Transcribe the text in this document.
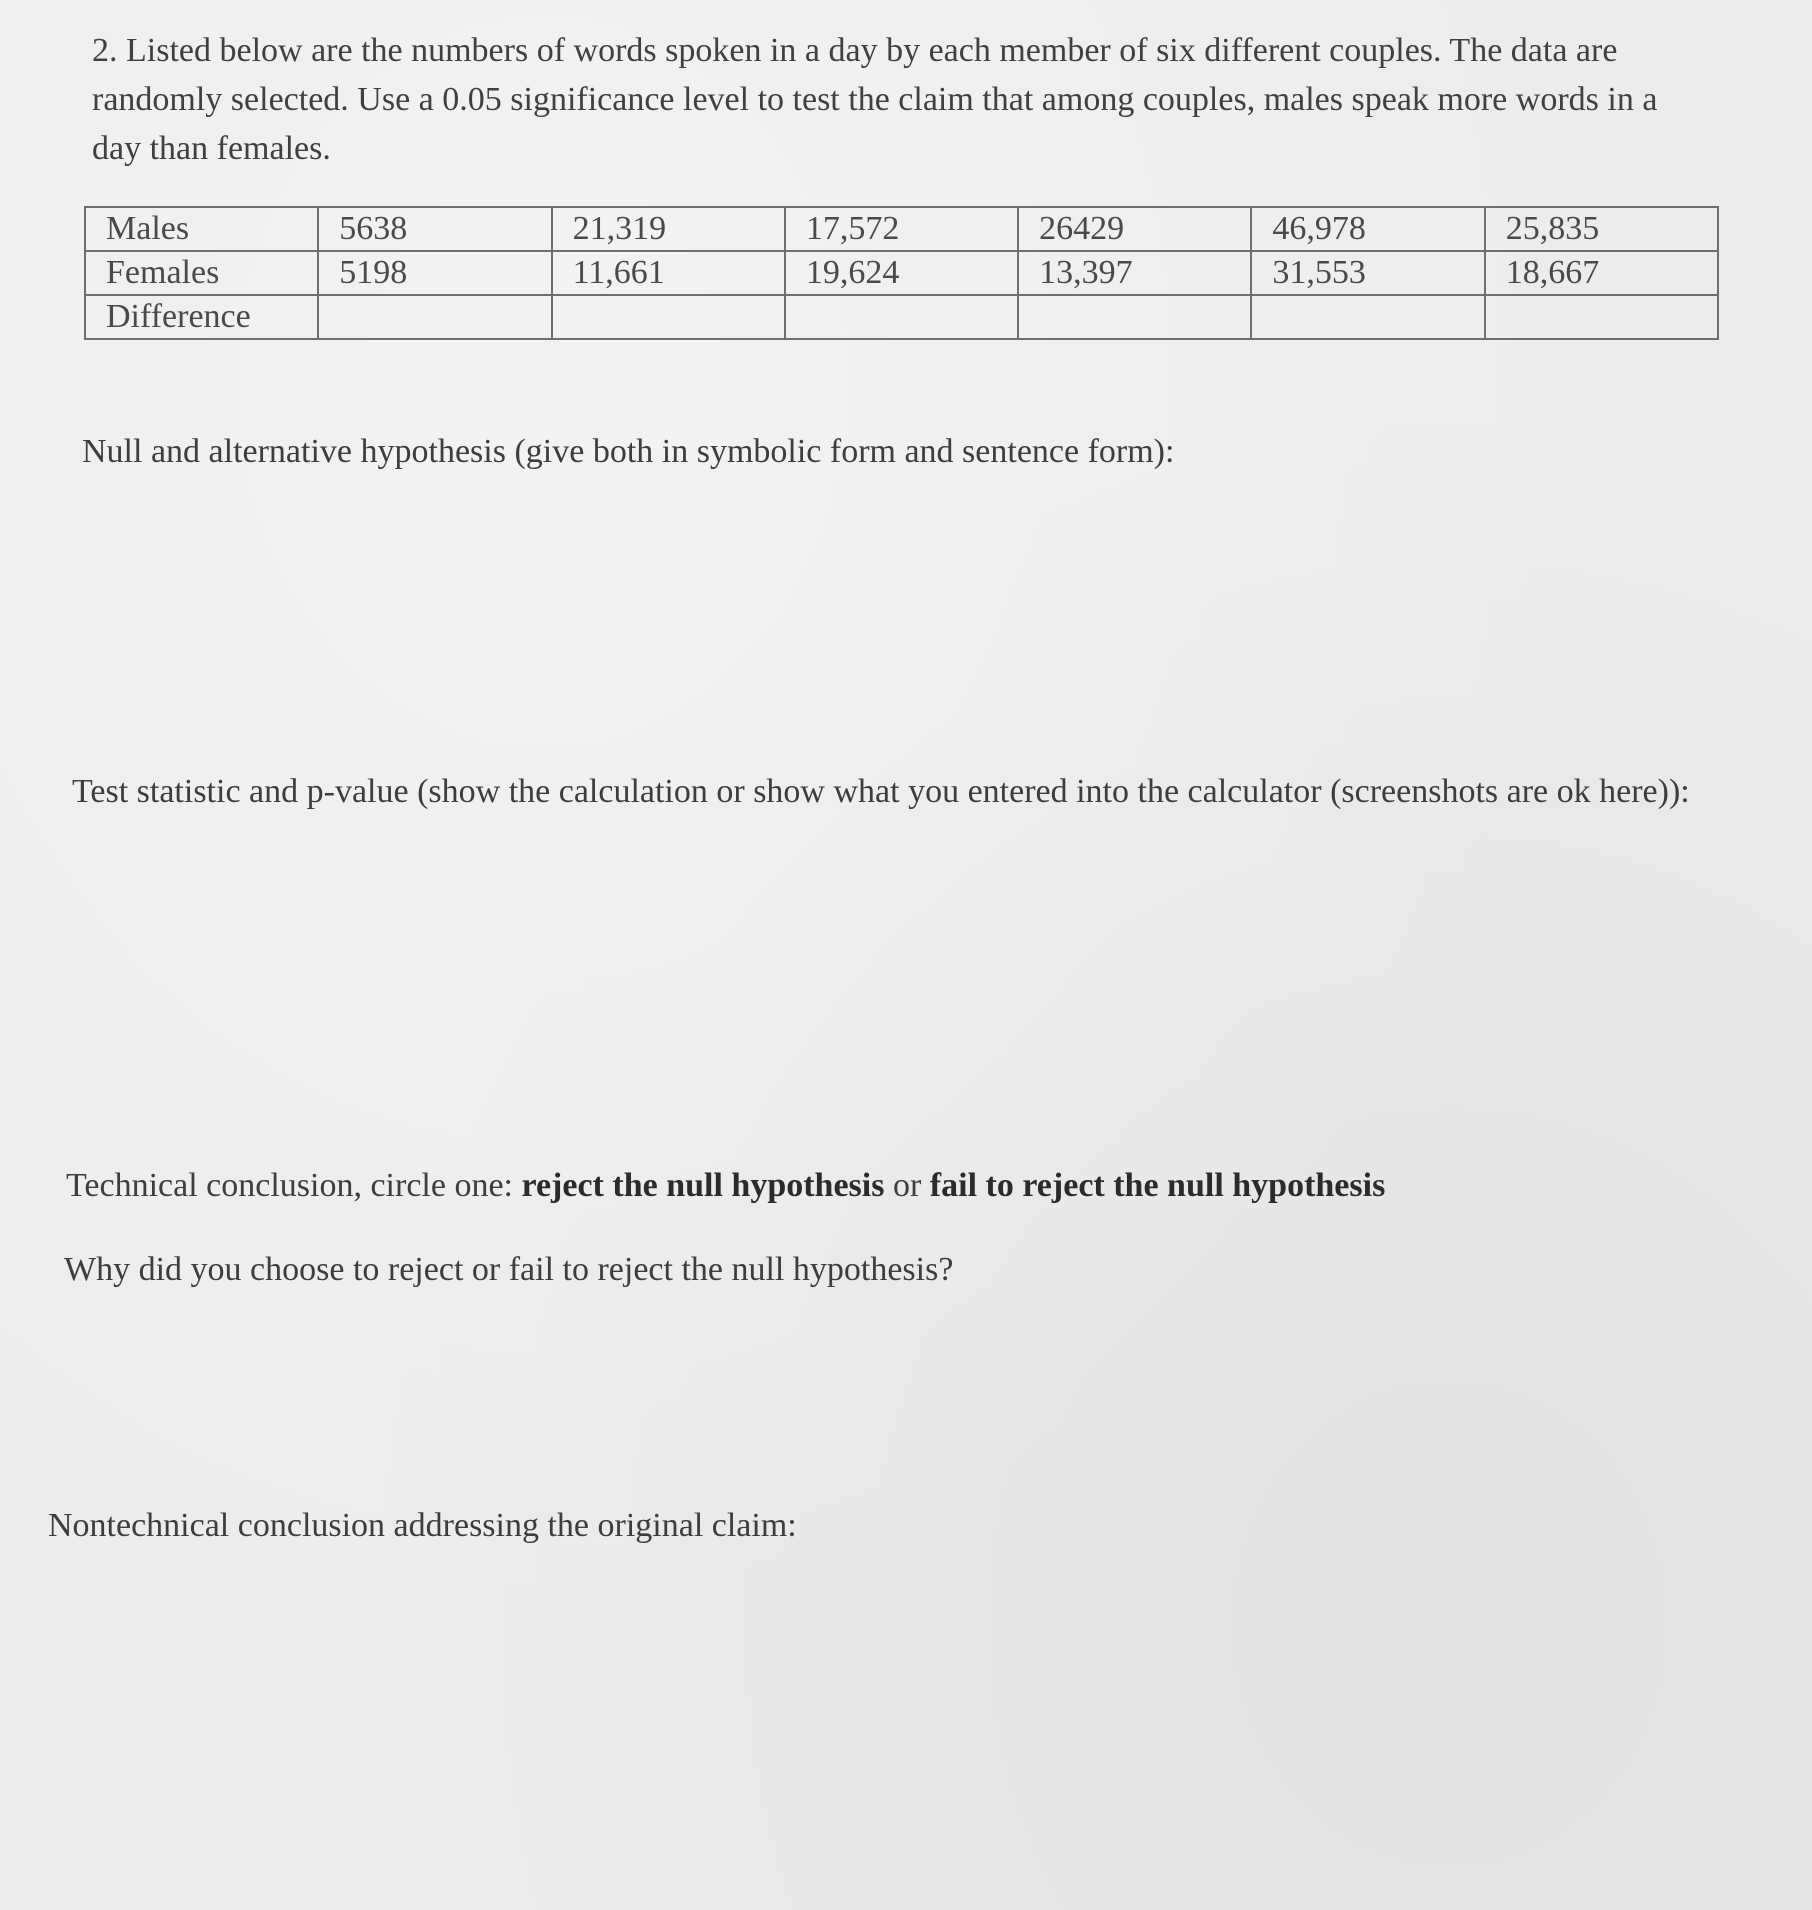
2. Listed below are the numbers of words spoken in a day by each member of six different couples. The data are randomly selected. Use a 0.05 significance level to test the claim that among couples, males speak more words in a day than females.
Males	5638	21,319	17,572	26429	46,978	25,835
Females	5198	11,661	19,624	13,397	31,553	18,667
Difference						
Null and alternative hypothesis (give both in symbolic form and sentence form):
Test statistic and p-value (show the calculation or show what you entered into the calculator (screenshots are ok here)):
Technical conclusion, circle one: reject the null hypothesis or fail to reject the null hypothesis
Why did you choose to reject or fail to reject the null hypothesis?
Nontechnical conclusion addressing the original claim:
